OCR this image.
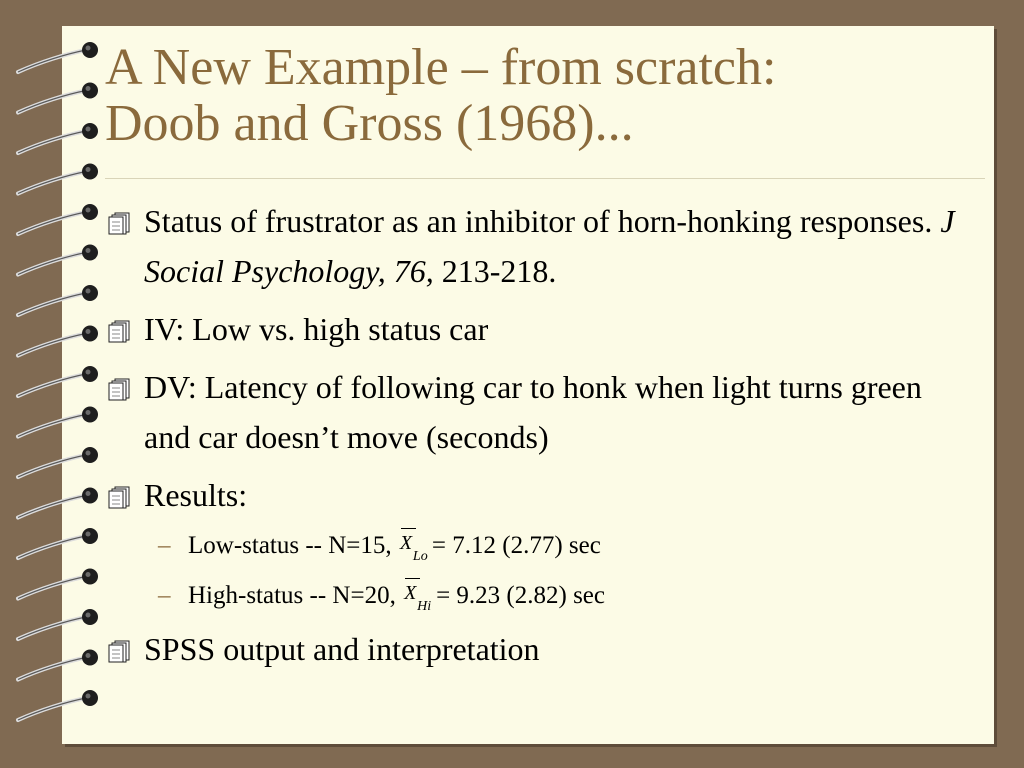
A New Example – from scratch:
Doob and Gross (1968)...
Status of frustrator as an inhibitor of horn-honking responses. J Social Psychology, 76, 213-218.
IV: Low vs. high status car
DV: Latency of following car to honk when light turns green and car doesn’t move (seconds)
Results:
– Low-status -- N=15, X
Lo = 7.12 (2.77) sec
– High-status -- N=20, X
Hi = 9.23 (2.82) sec
SPSS output and interpretation
